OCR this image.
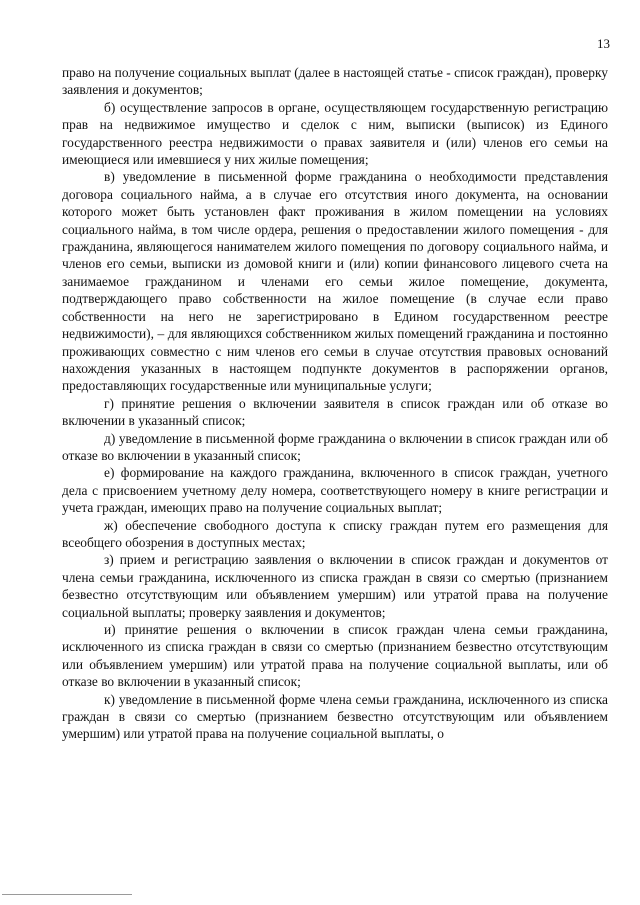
13

право на получение социальных выплат (далее в настоящей статье - список граждан), проверку заявления и документов;

б) осуществление запросов в органе, осуществляющем государственную регистрацию прав на недвижимое имущество и сделок с ним, выписки (выписок) из Единого государственного реестра недвижимости о правах заявителя и (или) членов его семьи на имеющиеся или имевшиеся у них жилые помещения;

в) уведомление в письменной форме гражданина о необходимости представления договора социального найма, а в случае его отсутствия иного документа, на основании которого может быть установлен факт проживания в жилом помещении на условиях социального найма, в том числе ордера, решения о предоставлении жилого помещения - для гражданина, являющегося нанимателем жилого помещения по договору социального найма, и членов его семьи, выписки из домовой книги и (или) копии финансового лицевого счета на занимаемое гражданином и членами его семьи жилое помещение, документа, подтверждающего право собственности на жилое помещение (в случае если право собственности на него не зарегистрировано в Едином государственном реестре недвижимости), – для являющихся собственником жилых помещений гражданина и постоянно проживающих совместно с ним членов его семьи в случае отсутствия правовых оснований нахождения указанных в настоящем подпункте документов в распоряжении органов, предоставляющих государственные или муниципальные услуги;

г) принятие решения о включении заявителя в список граждан или об отказе во включении в указанный список;

д) уведомление в письменной форме гражданина о включении в список граждан или об отказе во включении в указанный список;

е) формирование на каждого гражданина, включенного в список граждан, учетного дела с присвоением учетному делу номера, соответствующего номеру в книге регистрации и учета граждан, имеющих право на получение социальных выплат;

ж) обеспечение свободного доступа к списку граждан путем его размещения для всеобщего обозрения в доступных местах;

з) прием и регистрацию заявления о включении в список граждан и документов от члена семьи гражданина, исключенного из списка граждан в связи со смертью (признанием безвестно отсутствующим или объявлением умершим) или утратой права на получение социальной выплаты; проверку заявления и документов;

и) принятие решения о включении в список граждан члена семьи гражданина, исключенного из списка граждан в связи со смертью (признанием безвестно отсутствующим или объявлением умершим) или утратой права на получение социальной выплаты, или об отказе во включении в указанный список;

к) уведомление в письменной форме члена семьи гражданина, исключенного из списка граждан в связи со смертью (признанием безвестно отсутствующим или объявлением умершим) или утратой права на получение социальной выплаты, о
